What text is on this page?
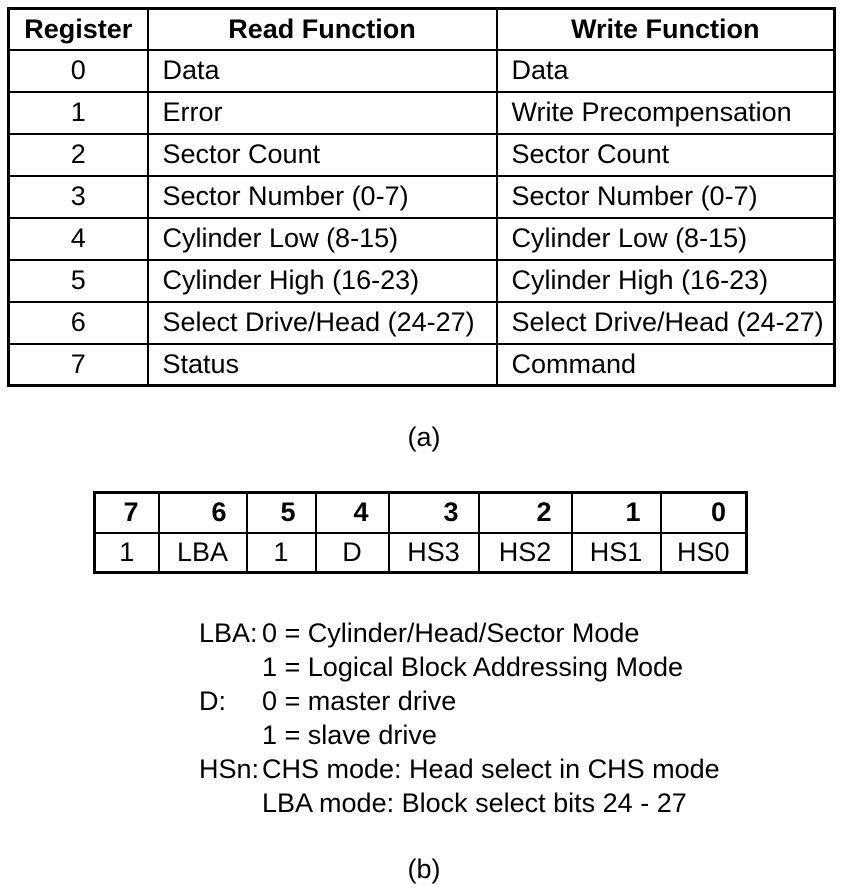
Register	Read Function	Write Function
0	Data	Data
1	Error	Write Precompensation
2	Sector Count	Sector Count
3	Sector Number (0-7)	Sector Number (0-7)
4	Cylinder Low (8-15)	Cylinder Low (8-15)
5	Cylinder High (16-23)	Cylinder High (16-23)
6	Select Drive/Head (24-27)	Select Drive/Head (24-27)
7	Status	Command
(a)
7	6	5	4	3	2	1	0
1	LBA	1	D	HS3	HS2	HS1	HS0
LBA: 0 = Cylinder/Head/Sector Mode
1 = Logical Block Addressing Mode
D:	0 = master drive
1 = slave drive
HSn: CHS mode: Head select in CHS mode
LBA mode: Block select bits 24 - 27
(b)
